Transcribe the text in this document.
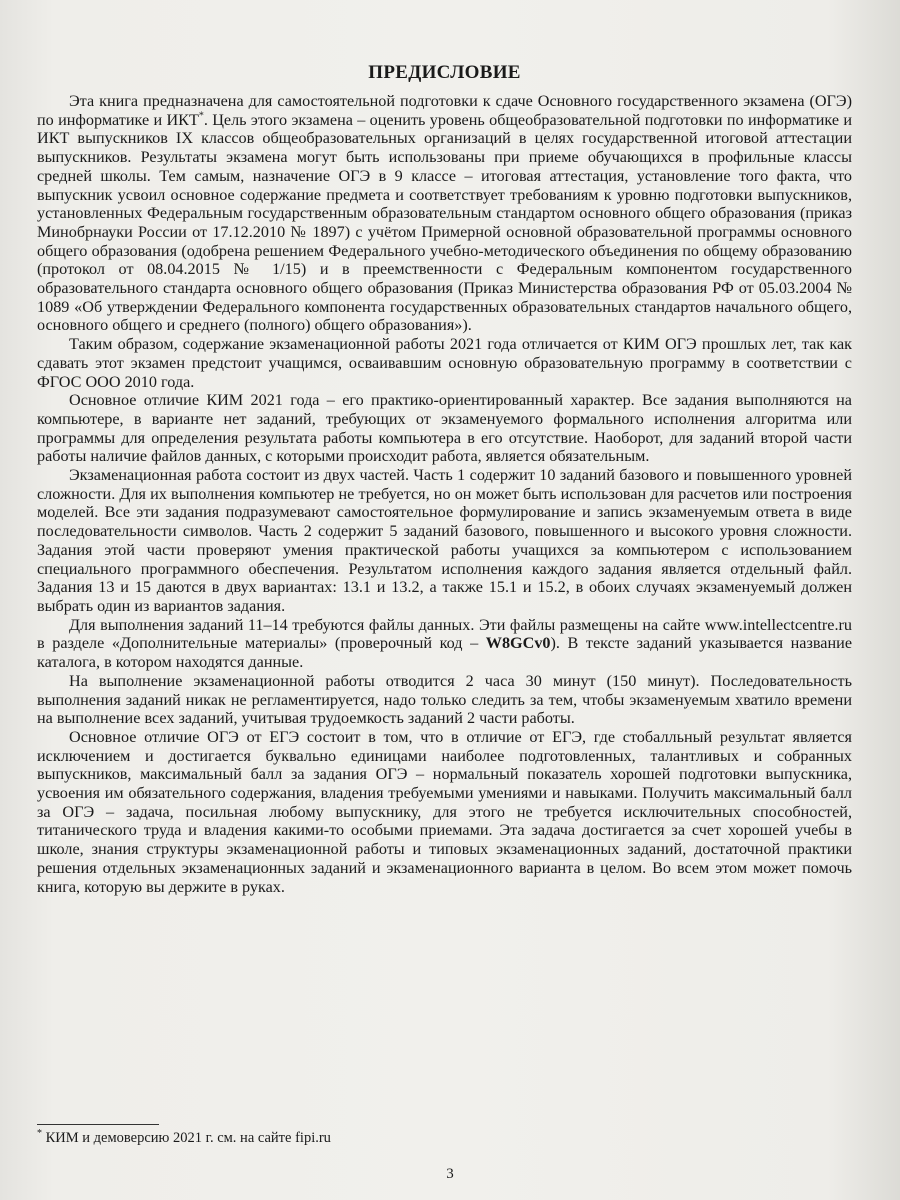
ПРЕДИСЛОВИЕ

Эта книга предназначена для самостоятельной подготовки к сдаче Основного государственного экзамена (ОГЭ) по информатике и ИКТ*. Цель этого экзамена – оценить уровень общеобразовательной подготовки по информатике и ИКТ выпускников IX классов общеобразовательных организаций в целях государственной итоговой аттестации выпускников. Результаты экзамена могут быть использованы при приеме обучающихся в профильные классы средней школы. Тем самым, назначение ОГЭ в 9 классе – итоговая аттестация, установление того факта, что выпускник усвоил основное содержание предмета и соответствует требованиям к уровню подготовки выпускников, установленных Федеральным государственным образовательным стандартом основного общего образования (приказ Минобрнауки России от 17.12.2010 № 1897) с учётом Примерной основной образовательной программы основного общего образования (одобрена решением Федерального учебно-методического объединения по общему образованию (протокол от 08.04.2015 № 1/15) и в преемственности с Федеральным компонентом государственного образовательного стандарта основного общего образования (Приказ Министерства образования РФ от 05.03.2004 № 1089 «Об утверждении Федерального компонента государственных образовательных стандартов начального общего, основного общего и среднего (полного) общего образования»).

Таким образом, содержание экзаменационной работы 2021 года отличается от КИМ ОГЭ прошлых лет, так как сдавать этот экзамен предстоит учащимся, осваивавшим основную образовательную программу в соответствии с ФГОС ООО 2010 года.

Основное отличие КИМ 2021 года – его практико-ориентированный характер. Все задания выполняются на компьютере, в варианте нет заданий, требующих от экзаменуемого формального исполнения алгоритма или программы для определения результата работы компьютера в его отсутствие. Наоборот, для заданий второй части работы наличие файлов данных, с которыми происходит работа, является обязательным.

Экзаменационная работа состоит из двух частей. Часть 1 содержит 10 заданий базового и повышенного уровней сложности. Для их выполнения компьютер не требуется, но он может быть использован для расчетов или построения моделей. Все эти задания подразумевают самостоятельное формулирование и запись экзаменуемым ответа в виде последовательности символов. Часть 2 содержит 5 заданий базового, повышенного и высокого уровня сложности. Задания этой части проверяют умения практической работы учащихся за компьютером с использованием специального программного обеспечения. Результатом исполнения каждого задания является отдельный файл. Задания 13 и 15 даются в двух вариантах: 13.1 и 13.2, а также 15.1 и 15.2, в обоих случаях экзаменуемый должен выбрать один из вариантов задания.

Для выполнения заданий 11–14 требуются файлы данных. Эти файлы размещены на сайте www.intellectcentre.ru в разделе «Дополнительные материалы» (проверочный код – W8GCv0). В тексте заданий указывается название каталога, в котором находятся данные.

На выполнение экзаменационной работы отводится 2 часа 30 минут (150 минут). Последовательность выполнения заданий никак не регламентируется, надо только следить за тем, чтобы экзаменуемым хватило времени на выполнение всех заданий, учитывая трудоемкость заданий 2 части работы.

Основное отличие ОГЭ от ЕГЭ состоит в том, что в отличие от ЕГЭ, где стобалльный результат является исключением и достигается буквально единицами наиболее подготовленных, талантливых и собранных выпускников, максимальный балл за задания ОГЭ – нормальный показатель хорошей подготовки выпускника, усвоения им обязательного содержания, владения требуемыми умениями и навыками. Получить максимальный балл за ОГЭ – задача, посильная любому выпускнику, для этого не требуется исключительных способностей, титанического труда и владения какими-то особыми приемами. Эта задача достигается за счет хорошей учебы в школе, знания структуры экзаменационной работы и типовых экзаменационных заданий, достаточной практики решения отдельных экзаменационных заданий и экзаменационного варианта в целом. Во всем этом может помочь книга, которую вы держите в руках.

* КИМ и демоверсию 2021 г. см. на сайте fipi.ru
3
